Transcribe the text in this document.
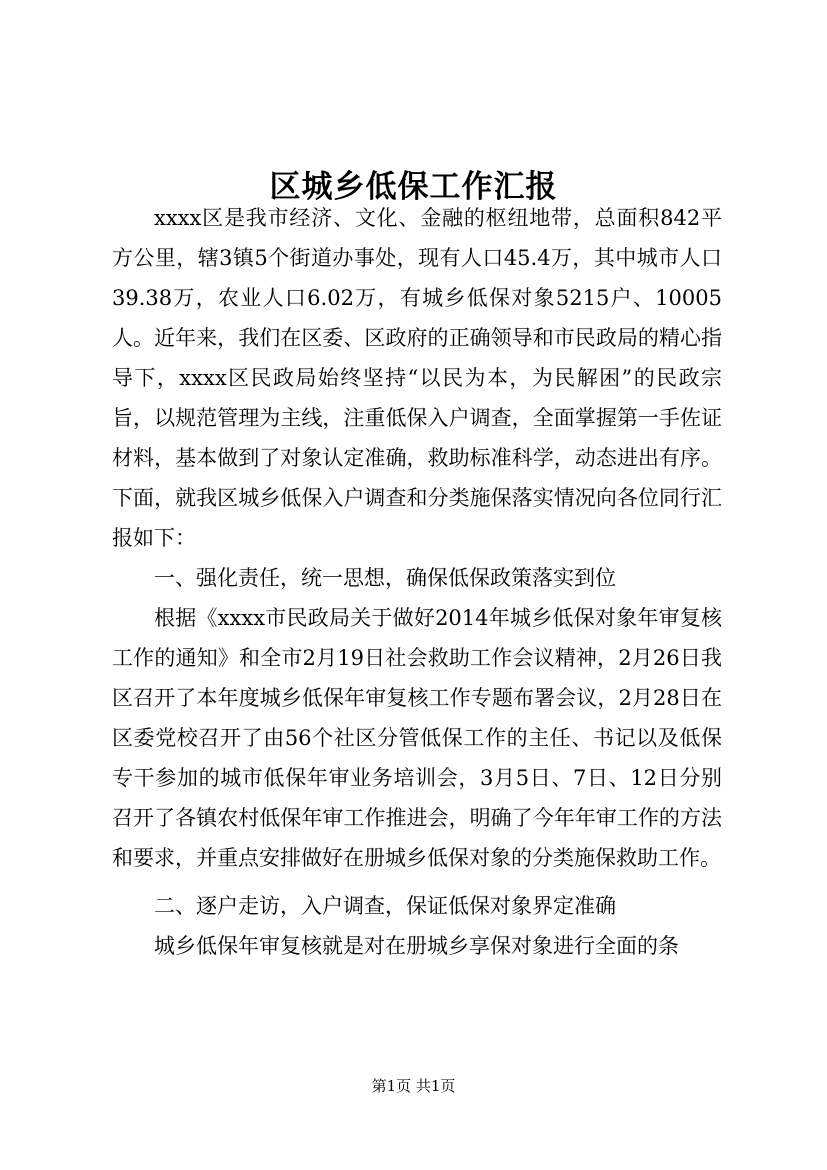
区城乡低保工作汇报

xxxx区是我市经济、文化、金融的枢纽地带，总面积842平方公里，辖3镇5个街道办事处，现有人口45.4万，其中城市人口39.38万，农业人口6.02万，有城乡低保对象5215户、10005人。近年来，我们在区委、区政府的正确领导和市民政局的精心指导下，xxxx区民政局始终坚持“以民为本，为民解困”的民政宗旨，以规范管理为主线，注重低保入户调查，全面掌握第一手佐证材料，基本做到了对象认定准确，救助标准科学，动态进出有序。下面，就我区城乡低保入户调查和分类施保落实情况向各位同行汇报如下：

一、强化责任，统一思想，确保低保政策落实到位

根据《xxxx市民政局关于做好2014年城乡低保对象年审复核工作的通知》和全市2月19日社会救助工作会议精神，2月26日我区召开了本年度城乡低保年审复核工作专题布署会议，2月28日在区委党校召开了由56个社区分管低保工作的主任、书记以及低保专干参加的城市低保年审业务培训会，3月5日、7日、12日分别召开了各镇农村低保年审工作推进会，明确了今年年审工作的方法和要求，并重点安排做好在册城乡低保对象的分类施保救助工作。

二、逐户走访，入户调查，保证低保对象界定准确

城乡低保年审复核就是对在册城乡享保对象进行全面的条

第1页 共1页
